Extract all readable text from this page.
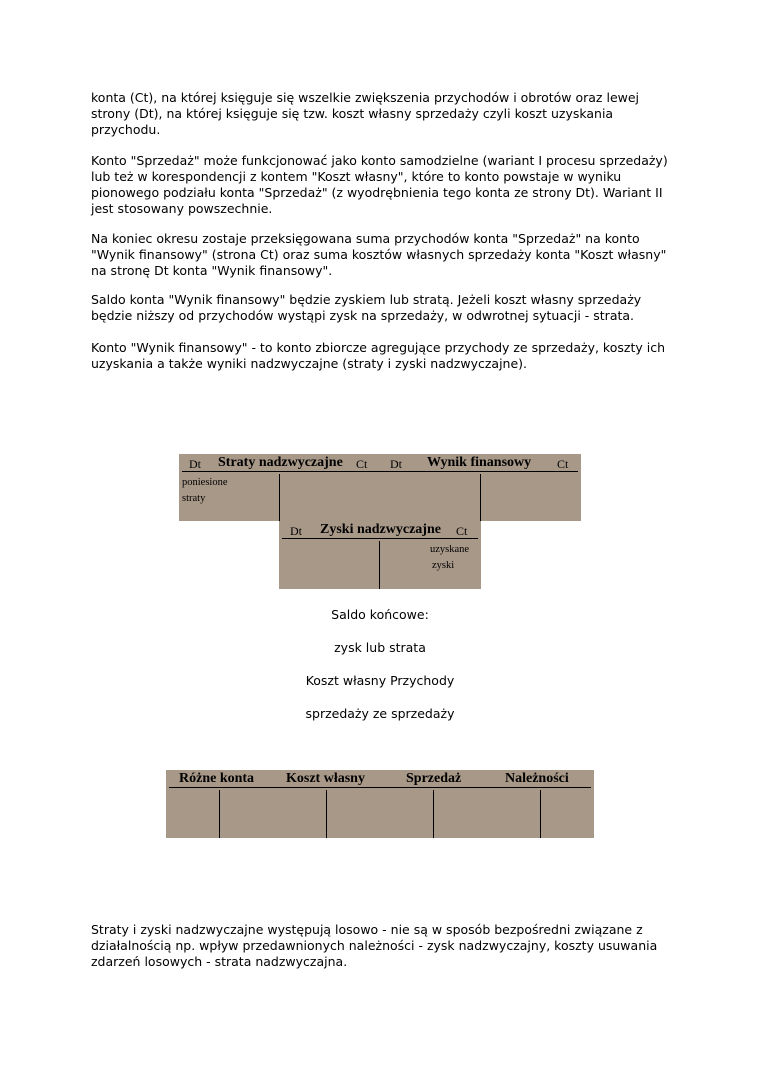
konta (Ct), na której księguje się wszelkie zwiększenia przychodów i obrotów oraz lewej strony (Dt), na której księguje się tzw. koszt własny sprzedaży czyli koszt uzyskania przychodu.

Konto "Sprzedaż" może funkcjonować jako konto samodzielne (wariant I procesu sprzedaży) lub też w korespondencji z kontem "Koszt własny", które to konto powstaje w wyniku pionowego podziału konta "Sprzedaż" (z wyodrębnienia tego konta ze strony Dt). Wariant II jest stosowany powszechnie.

Na koniec okresu zostaje przeksięgowana suma przychodów konta "Sprzedaż" na konto "Wynik finansowy" (strona Ct) oraz suma kosztów własnych sprzedaży konta "Koszt własny" na stronę Dt konta "Wynik finansowy".

Saldo konta "Wynik finansowy" będzie zyskiem lub stratą. Jeżeli koszt własny sprzedaży będzie niższy od przychodów wystąpi zysk na sprzedaży, w odwrotnej sytuacji - strata.

Konto "Wynik finansowy" - to konto zbiorcze agregujące przychody ze sprzedaży, koszty ich uzyskania a także wyniki nadzwyczajne (straty i zyski nadzwyczajne).

Dt Straty nadzwyczajne Ct
poniesione
straty
Dt Wynik finansowy Ct
Dt Zyski nadzwyczajne Ct
uzyskane
zyski

Saldo końcowe:

zysk lub strata

Koszt własny Przychody

sprzedaży ze sprzedaży

Różne konta Koszt własny	Sprzedaż	Należności

Straty i zyski nadzwyczajne występują losowo - nie są w sposób bezpośredni związane z działalnością np. wpływ przedawnionych należności - zysk nadzwyczajny, koszty usuwania zdarzeń losowych - strata nadzwyczajna.
